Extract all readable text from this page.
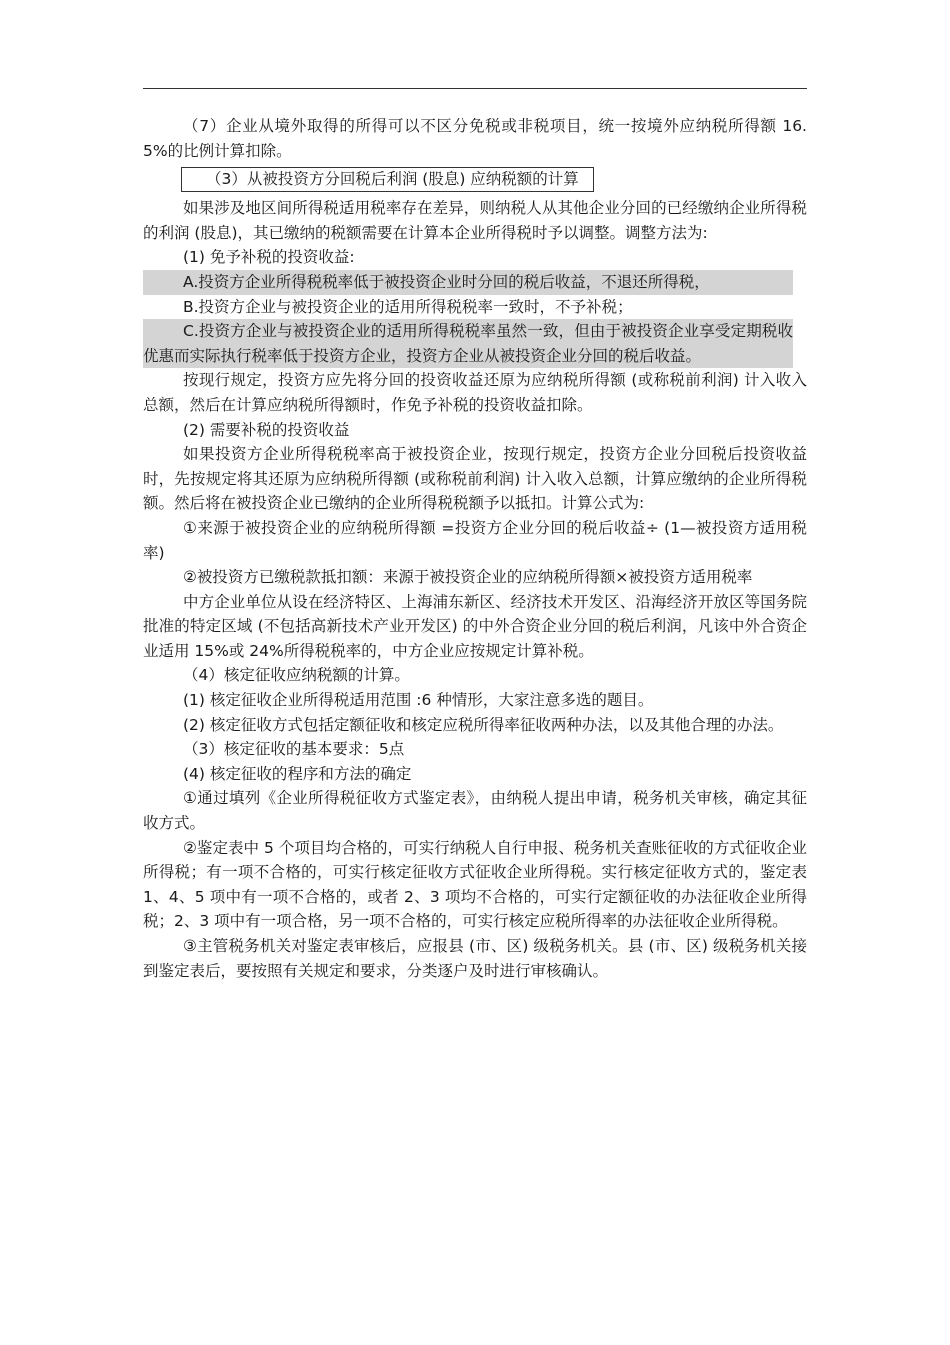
（7）企业从境外取得的所得可以不区分免税或非税项目，统一按境外应纳税所得额 16. 5%的比例计算扣除。

（3）从被投资方分回税后利润 (股息) 应纳税额的计算

如果涉及地区间所得税适用税率存在差异，则纳税人从其他企业分回的已经缴纳企业所得税的利润 (股息)，其已缴纳的税额需要在计算本企业所得税时予以调整。调整方法为:

(1) 免予补税的投资收益:

A.投资方企业所得税税率低于被投资企业时分回的税后收益，不退还所得税，

B.投资方企业与被投资企业的适用所得税税率一致时，不予补税；

C.投资方企业与被投资企业的适用所得税税率虽然一致，但由于被投资企业享受定期税收优惠而实际执行税率低于投资方企业，投资方企业从被投资企业分回的税后收益。

按现行规定，投资方应先将分回的投资收益还原为应纳税所得额 (或称税前利润) 计入收入总额，然后在计算应纳税所得额时，作免予补税的投资收益扣除。

(2) 需要补税的投资收益

如果投资方企业所得税税率高于被投资企业，按现行规定，投资方企业分回税后投资收益时，先按规定将其还原为应纳税所得额 (或称税前利润) 计入收入总额，计算应缴纳的企业所得税额。然后将在被投资企业已缴纳的企业所得税税额予以抵扣。计算公式为:

①来源于被投资企业的应纳税所得额 =投资方企业分回的税后收益÷ (1—被投资方适用税率)

②被投资方已缴税款抵扣额：来源于被投资企业的应纳税所得额×被投资方适用税率

中方企业单位从设在经济特区、上海浦东新区、经济技术开发区、沿海经济开放区等国务院批准的特定区域 (不包括高新技术产业开发区) 的中外合资企业分回的税后利润，凡该中外合资企业适用 15%或 24%所得税税率的，中方企业应按规定计算补税。

（4）核定征收应纳税额的计算。

(1) 核定征收企业所得税适用范围 :6 种情形，大家注意多选的题目。

(2) 核定征收方式包括定额征收和核定应税所得率征收两种办法，以及其他合理的办法。

（3）核定征收的基本要求：5点

(4) 核定征收的程序和方法的确定

①通过填列《企业所得税征收方式鉴定表》，由纳税人提出申请，税务机关审核，确定其征收方式。

②鉴定表中 5 个项目均合格的，可实行纳税人自行申报、税务机关查账征收的方式征收企业所得税；有一项不合格的，可实行核定征收方式征收企业所得税。实行核定征收方式的，鉴定表 1、4、5 项中有一项不合格的，或者 2、3 项均不合格的，可实行定额征收的办法征收企业所得税；2、3 项中有一项合格，另一项不合格的，可实行核定应税所得率的办法征收企业所得税。

③主管税务机关对鉴定表审核后，应报县 (市、区) 级税务机关。县 (市、区) 级税务机关接到鉴定表后，要按照有关规定和要求，分类逐户及时进行审核确认。
